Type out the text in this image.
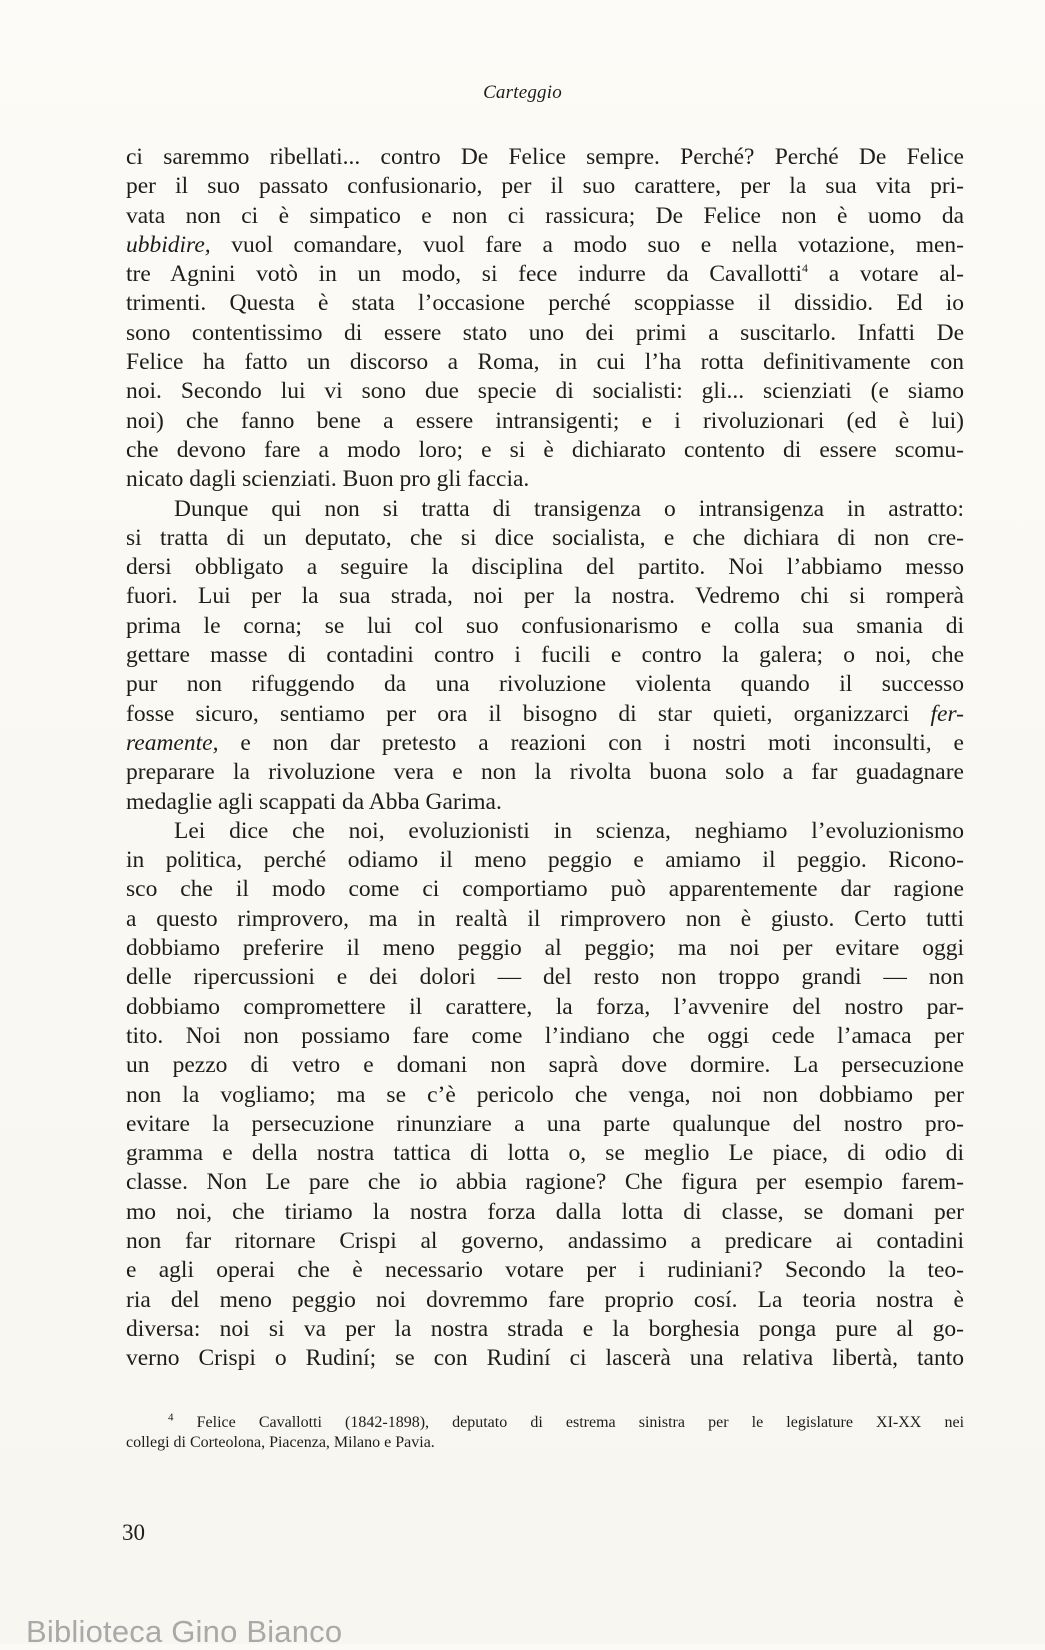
Carteggio
ci saremmo ribellati... contro De Felice sempre. Perché? Perché De Felice
per il suo passato confusionario, per il suo carattere, per la sua vita pri-
vata non ci è simpatico e non ci rassicura; De Felice non è uomo da
ubbidire, vuol comandare, vuol fare a modo suo e nella votazione, men-
tre Agnini votò in un modo, si fece indurre da Cavallotti$^4$ a votare al-
trimenti. Questa è stata l’occasione perché scoppiasse il dissidio. Ed io
sono contentissimo di essere stato uno dei primi a suscitarlo. Infatti De
Felice ha fatto un discorso a Roma, in cui l’ha rotta definitivamente con
noi. Secondo lui vi sono due specie di socialisti: gli... scienziati (e siamo
noi) che fanno bene a essere intransigenti; e i rivoluzionari (ed è lui)
che devono fare a modo loro; e si è dichiarato contento di essere scomu-
nicato dagli scienziati. Buon pro gli faccia.
Dunque qui non si tratta di transigenza o intransigenza in astratto:
si tratta di un deputato, che si dice socialista, e che dichiara di non cre-
dersi obbligato a seguire la disciplina del partito. Noi l’abbiamo messo
fuori. Lui per la sua strada, noi per la nostra. Vedremo chi si romperà
prima le corna; se lui col suo confusionarismo e colla sua smania di
gettare masse di contadini contro i fucili e contro la galera; o noi, che
pur non rifuggendo da una rivoluzione violenta quando il successo
fosse sicuro, sentiamo per ora il bisogno di star quieti, organizzarci fer-
reamente, e non dar pretesto a reazioni con i nostri moti inconsulti, e
preparare la rivoluzione vera e non la rivolta buona solo a far guadagnare
medaglie agli scappati da Abba Garima.
Lei dice che noi, evoluzionisti in scienza, neghiamo l’evoluzionismo
in politica, perché odiamo il meno peggio e amiamo il peggio. Ricono-
sco che il modo come ci comportiamo può apparentemente dar ragione
a questo rimprovero, ma in realtà il rimprovero non è giusto. Certo tutti
dobbiamo preferire il meno peggio al peggio; ma noi per evitare oggi
delle ripercussioni e dei dolori — del resto non troppo grandi — non
dobbiamo compromettere il carattere, la forza, l’avvenire del nostro par-
tito. Noi non possiamo fare come l’indiano che oggi cede l’amaca per
un pezzo di vetro e domani non saprà dove dormire. La persecuzione
non la vogliamo; ma se c’è pericolo che venga, noi non dobbiamo per
evitare la persecuzione rinunziare a una parte qualunque del nostro pro-
gramma e della nostra tattica di lotta o, se meglio Le piace, di odio di
classe. Non Le pare che io abbia ragione? Che figura per esempio farem-
mo noi, che tiriamo la nostra forza dalla lotta di classe, se domani per
non far ritornare Crispi al governo, andassimo a predicare ai contadini
e agli operai che è necessario votare per i rudiniani? Secondo la teo-
ria del meno peggio noi dovremmo fare proprio cosí. La teoria nostra è
diversa: noi si va per la nostra strada e la borghesia ponga pure al go-
verno Crispi o Rudiní; se con Rudiní ci lascerà una relativa libertà, tanto
$^4$ Felice Cavallotti (1842-1898), deputato di estrema sinistra per le legislature XI-XX nei
collegi di Corteolona, Piacenza, Milano e Pavia.
30
Biblioteca Gino Bianco
